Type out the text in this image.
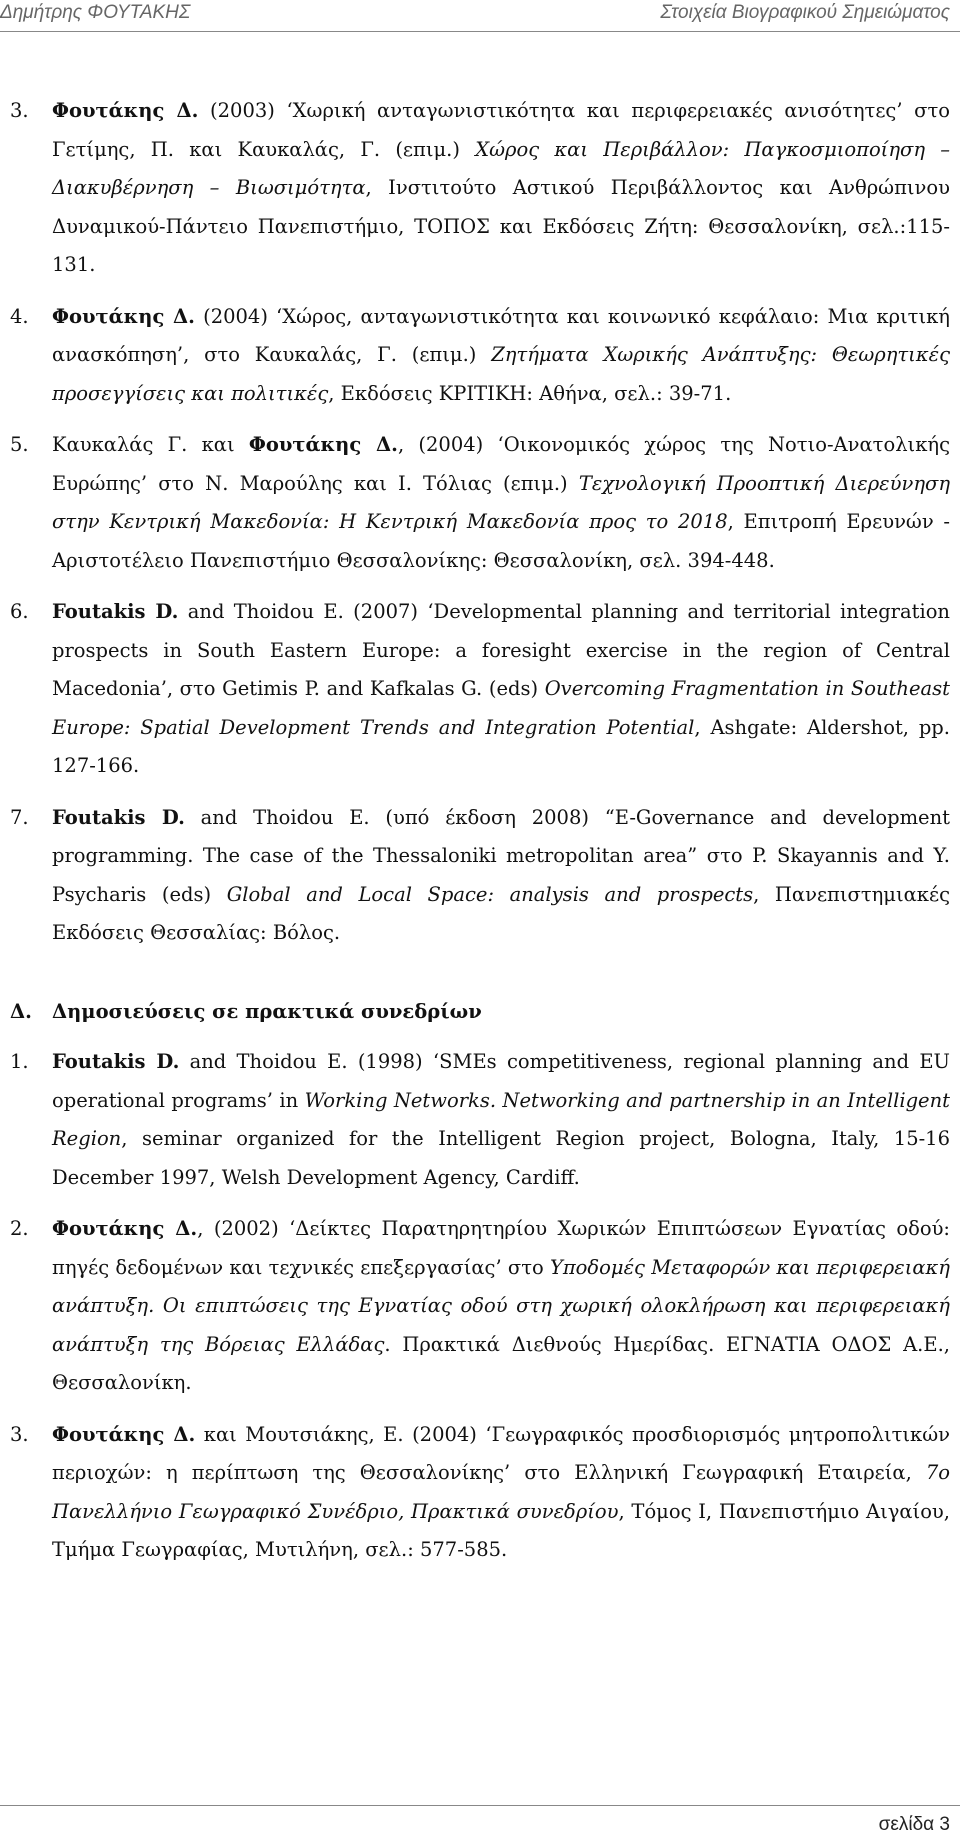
Δημήτρης ΦΟΥΤΑΚΗΣ	Στοιχεία Βιογραφικού Σημειώματος
3.	Φουτάκης Δ. (2003) ‘Χωρική ανταγωνιστικότητα και περιφερειακές ανισότητες’ στο Γετίμης, Π. και Καυκαλάς, Γ. (επιμ.) Χώρος και Περιβάλλον: Παγκοσμιοποίηση – Διακυβέρνηση – Βιωσιμότητα, Ινστιτούτο Αστικού Περιβάλλοντος και Ανθρώπινου Δυναμικού-Πάντειο Πανεπιστήμιο, ΤΟΠΟΣ και Εκδόσεις Ζήτη: Θεσσαλονίκη, σελ.:115-131.
4.	Φουτάκης Δ. (2004) ‘Χώρος, ανταγωνιστικότητα και κοινωνικό κεφάλαιο: Μια κριτική ανασκόπηση’, στο Καυκαλάς, Γ. (επιμ.) Ζητήματα Χωρικής Ανάπτυξης: Θεωρητικές προσεγγίσεις και πολιτικές, Εκδόσεις ΚΡΙΤΙΚΗ: Αθήνα, σελ.: 39-71.
5.	Καυκαλάς Γ. και Φουτάκης Δ., (2004) ‘Οικονομικός χώρος της Νοτιο-Ανατολικής Ευρώπης’ στο Ν. Μαρούλης και Ι. Τόλιας (επιμ.) Τεχνολογική Προοπτική Διερεύνηση στην Κεντρική Μακεδονία: Η Κεντρική Μακεδονία προς το 2018, Επιτροπή Ερευνών - Αριστοτέλειο Πανεπιστήμιο Θεσσαλονίκης: Θεσσαλονίκη, σελ. 394-448.
6.	Foutakis D. and Thoidou E. (2007) ‘Developmental planning and territorial integration prospects in South Eastern Europe: a foresight exercise in the region of Central Macedonia’, στο Getimis P. and Kafkalas G. (eds) Overcoming Fragmentation in Southeast Europe: Spatial Development Trends and Integration Potential, Ashgate: Aldershot, pp. 127-166.
7.	Foutakis D. and Thoidou E. (υπό έκδοση 2008) “E-Governance and development programming. The case of the Thessaloniki metropolitan area” στο P. Skayannis and Y. Psycharis (eds) Global and Local Space: analysis and prospects, Πανεπιστημιακές Εκδόσεις Θεσσαλίας: Βόλος.
Δ.	Δημοσιεύσεις σε πρακτικά συνεδρίων
1.	Foutakis D. and Thoidou E. (1998) ‘SMEs competitiveness, regional planning and EU operational programs’ in Working Networks. Networking and partnership in an Intelligent Region, seminar organized for the Intelligent Region project, Bologna, Italy, 15-16 December 1997, Welsh Development Agency, Cardiff.
2.	Φουτάκης Δ., (2002) ‘Δείκτες Παρατηρητηρίου Χωρικών Επιπτώσεων Εγνατίας οδού: πηγές δεδομένων και τεχνικές επεξεργασίας’ στο Υποδομές Μεταφορών και περιφερειακή ανάπτυξη. Οι επιπτώσεις της Εγνατίας οδού στη χωρική ολοκλήρωση και περιφερειακή ανάπτυξη της Βόρειας Ελλάδας. Πρακτικά Διεθνούς Ημερίδας. ΕΓΝΑΤΙΑ ΟΔΟΣ Α.Ε., Θεσσαλονίκη.
3.	Φουτάκης Δ. και Μουτσιάκης, Ε. (2004) ‘Γεωγραφικός προσδιορισμός μητροπολιτικών περιοχών: η περίπτωση της Θεσσαλονίκης’ στο Ελληνική Γεωγραφική Εταιρεία, 7ο Πανελλήνιο Γεωγραφικό Συνέδριο, Πρακτικά συνεδρίου, Τόμος Ι, Πανεπιστήμιο Αιγαίου, Τμήμα Γεωγραφίας, Μυτιλήνη, σελ.: 577-585.
σελίδα 3
